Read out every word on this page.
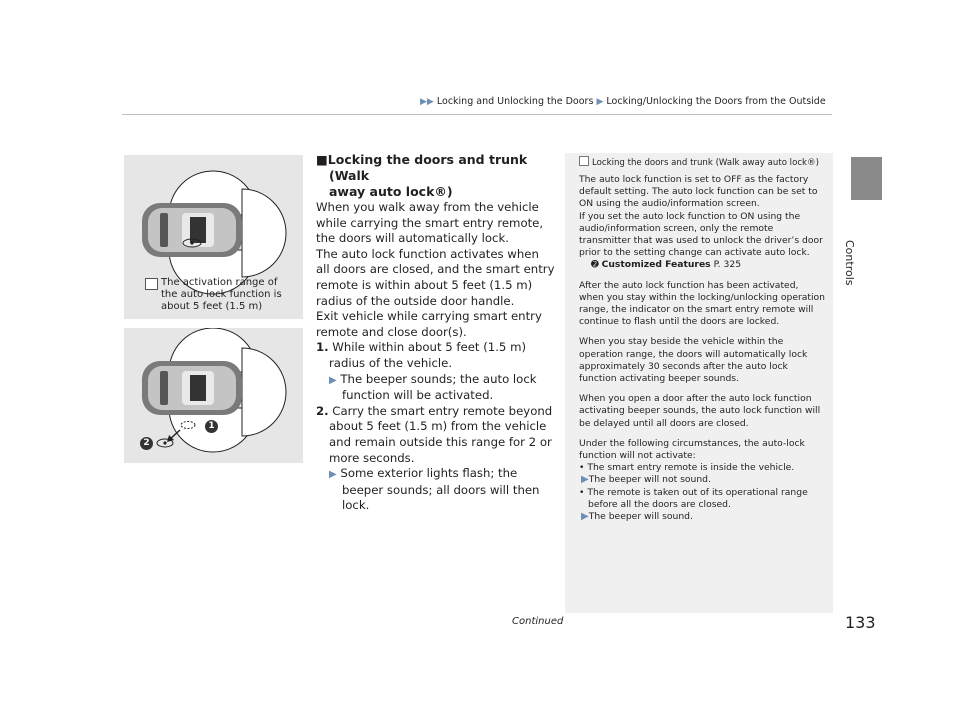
▶▶ Locking and Unlocking the Doors ▶ Locking/Unlocking the Doors from the Outside
Controls
The activation range of
the auto lock function is
about 5 feet (1.5 m)
1
2
■Locking the doors and trunk (Walk
away auto lock®)

When you walk away from the vehicle while carrying the smart entry remote, the doors will automatically lock.

The auto lock function activates when all doors are closed, and the smart entry remote is within about 5 feet (1.5 m) radius of the outside door handle.

Exit vehicle while carrying smart entry remote and close door(s).

1. While within about 5 feet (1.5 m) radius of the vehicle.
▶ The beeper sounds; the auto lock function will be activated.
2. Carry the smart entry remote beyond about 5 feet (1.5 m) from the vehicle and remain outside this range for 2 or more seconds.
▶ Some exterior lights flash; the beeper sounds; all doors will then lock.
Locking the doors and trunk (Walk away auto lock®)

The auto lock function is set to OFF as the factory default setting. The auto lock function can be set to ON using the audio/information screen.

If you set the auto lock function to ON using the audio/information screen, only the remote transmitter that was used to unlock the driver’s door prior to the setting change can activate auto lock.

➋ Customized Features P. 325

After the auto lock function has been activated, when you stay within the locking/unlocking operation range, the indicator on the smart entry remote will continue to flash until the doors are locked.

When you stay beside the vehicle within the operation range, the doors will automatically lock approximately 30 seconds after the auto lock function activating beeper sounds.

When you open a door after the auto lock function activating beeper sounds, the auto lock function will be delayed until all doors are closed.

Under the following circumstances, the auto-lock function will not activate:

• The smart entry remote is inside the vehicle.

▶The beeper will not sound.

• The remote is taken out of its operational range before all the doors are closed.

▶The beeper will sound.

Continued	133
